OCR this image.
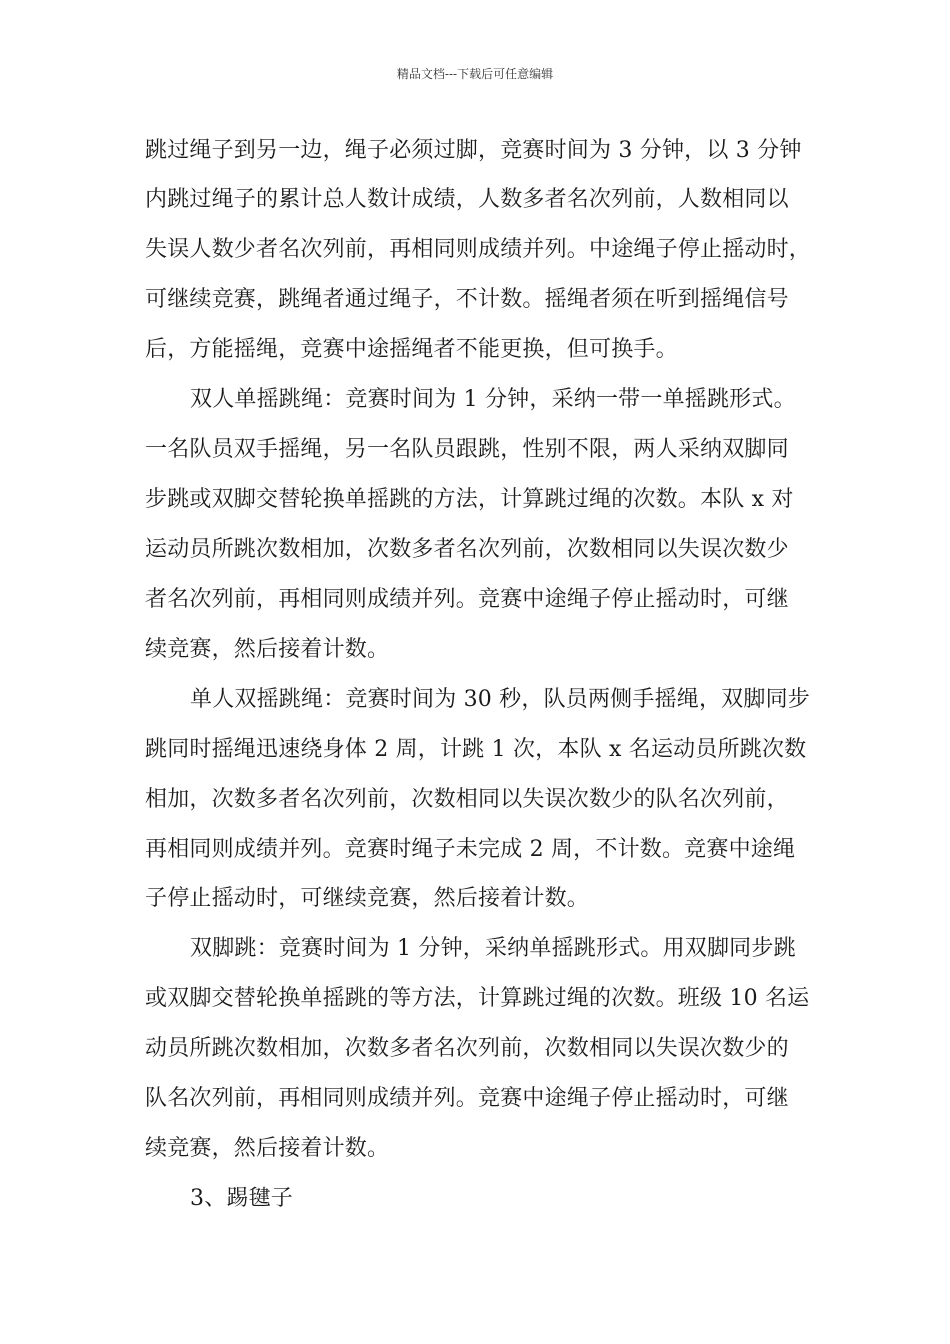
精品文档---下载后可任意编辑
跳过绳子到另一边，绳子必须过脚，竞赛时间为 3 分钟，以 3 分钟
内跳过绳子的累计总人数计成绩，人数多者名次列前，人数相同以
失误人数少者名次列前，再相同则成绩并列。中途绳子停止摇动时，
可继续竞赛，跳绳者通过绳子，不计数。摇绳者须在听到摇绳信号
后，方能摇绳，竞赛中途摇绳者不能更换，但可换手。
双人单摇跳绳：竞赛时间为 1 分钟，采纳一带一单摇跳形式。
一名队员双手摇绳，另一名队员跟跳，性别不限，两人采纳双脚同
步跳或双脚交替轮换单摇跳的方法，计算跳过绳的次数。本队 x 对
运动员所跳次数相加，次数多者名次列前，次数相同以失误次数少
者名次列前，再相同则成绩并列。竞赛中途绳子停止摇动时，可继
续竞赛，然后接着计数。
单人双摇跳绳：竞赛时间为 30 秒，队员两侧手摇绳，双脚同步
跳同时摇绳迅速绕身体 2 周，计跳 1 次，本队 x 名运动员所跳次数
相加，次数多者名次列前，次数相同以失误次数少的队名次列前，
再相同则成绩并列。竞赛时绳子未完成 2 周，不计数。竞赛中途绳
子停止摇动时，可继续竞赛，然后接着计数。
双脚跳：竞赛时间为 1 分钟，采纳单摇跳形式。用双脚同步跳
或双脚交替轮换单摇跳的等方法，计算跳过绳的次数。班级 10 名运
动员所跳次数相加，次数多者名次列前，次数相同以失误次数少的
队名次列前，再相同则成绩并列。竞赛中途绳子停止摇动时，可继
续竞赛，然后接着计数。
3、踢毽子
